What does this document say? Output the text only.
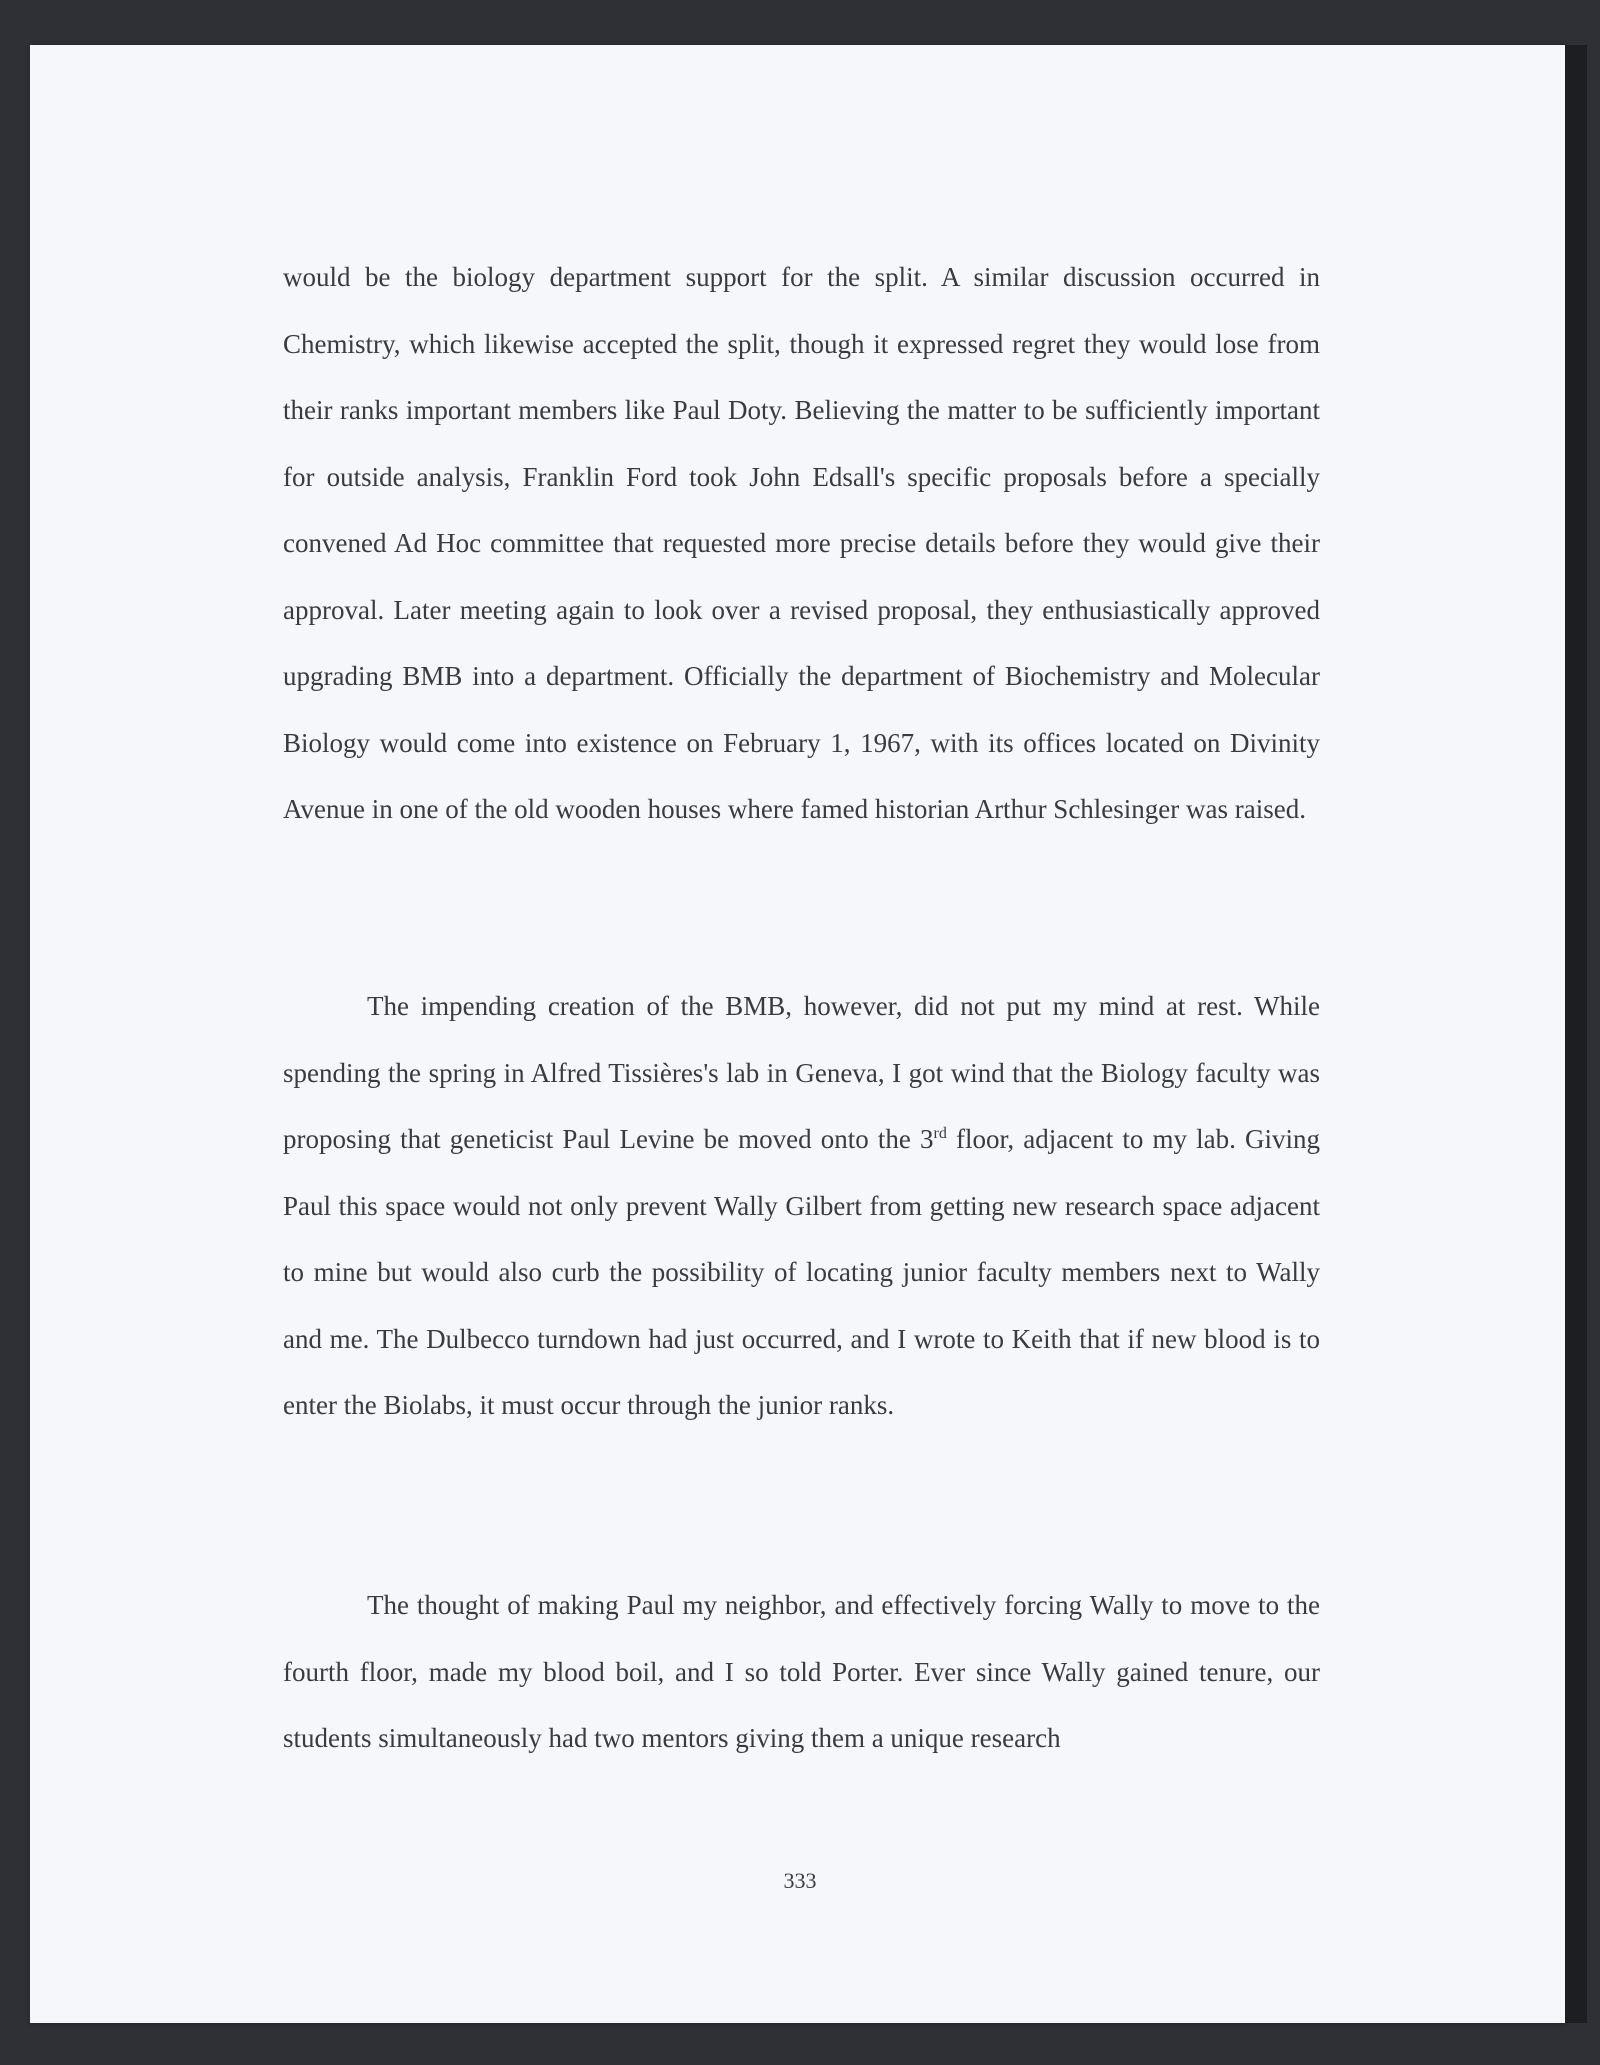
would be the biology department support for the split. A similar discussion occurred in Chemistry, which likewise accepted the split, though it expressed regret they would lose from their ranks important members like Paul Doty. Believing the matter to be sufficiently important for outside analysis, Franklin Ford took John Edsall's specific proposals before a specially convened Ad Hoc committee that requested more precise details before they would give their approval. Later meeting again to look over a revised proposal, they enthusiastically approved upgrading BMB into a department. Officially the department of Biochemistry and Molecular Biology would come into existence on February 1, 1967, with its offices located on Divinity Avenue in one of the old wooden houses where famed historian Arthur Schlesinger was raised.

The impending creation of the BMB, however, did not put my mind at rest. While spending the spring in Alfred Tissières's lab in Geneva, I got wind that the Biology faculty was proposing that geneticist Paul Levine be moved onto the 3rd floor, adjacent to my lab. Giving Paul this space would not only prevent Wally Gilbert from getting new research space adjacent to mine but would also curb the possibility of locating junior faculty members next to Wally and me. The Dulbecco turndown had just occurred, and I wrote to Keith that if new blood is to enter the Biolabs, it must occur through the junior ranks.

The thought of making Paul my neighbor, and effectively forcing Wally to move to the fourth floor, made my blood boil, and I so told Porter. Ever since Wally gained tenure, our students simultaneously had two mentors giving them a unique research

333
